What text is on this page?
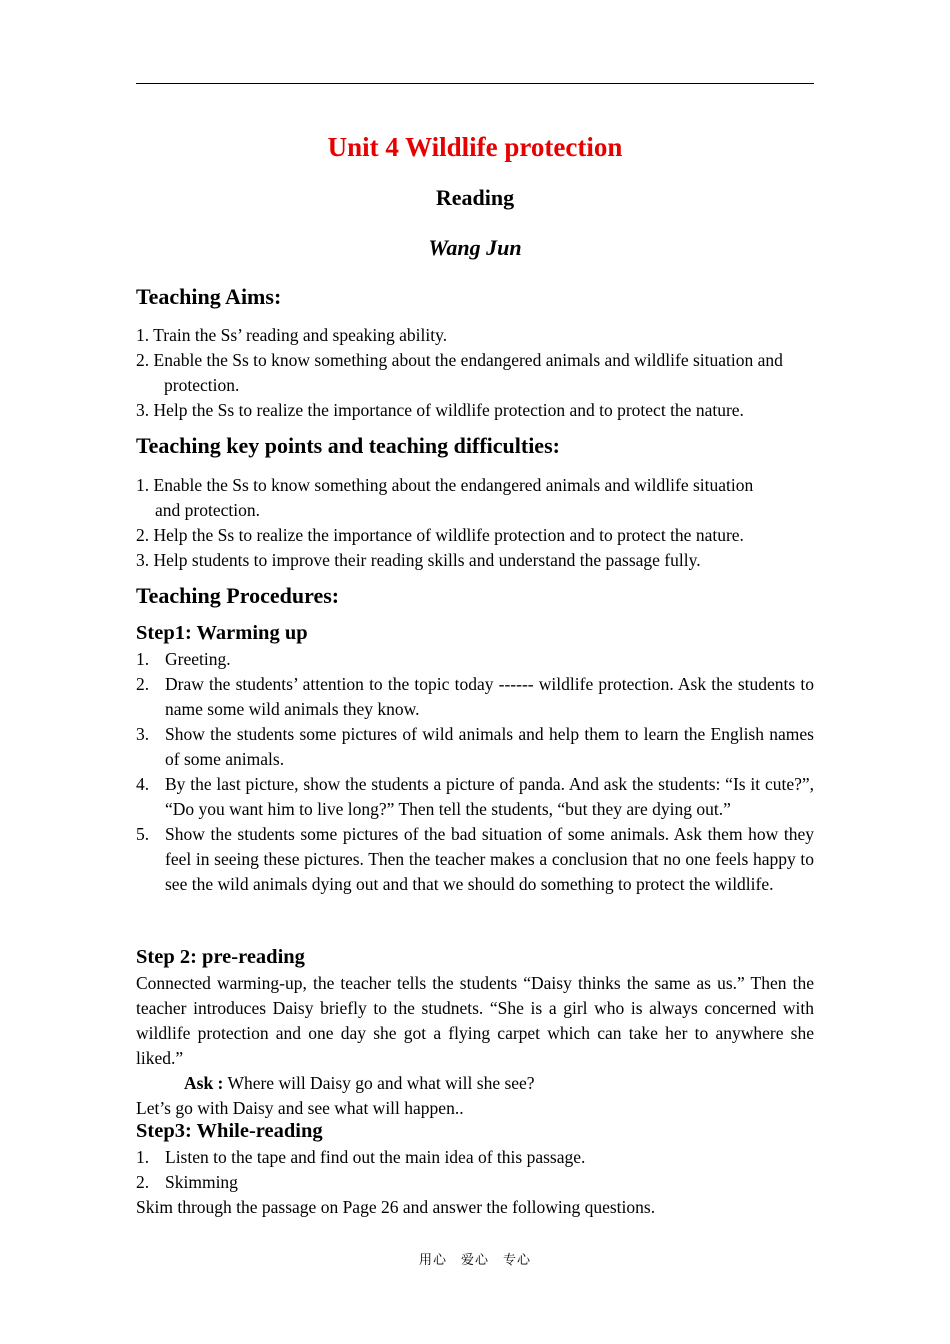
Unit 4 Wildlife protection
Reading
Wang Jun
Teaching Aims:
1. Train the Ss’ reading and speaking ability.
2. Enable the Ss to know something about the endangered animals and wildlife situation and protection.
3. Help the Ss to realize the importance of wildlife protection and to protect the nature.
Teaching key points and teaching difficulties:
1. Enable the Ss to know something about the endangered animals and wildlife situation and protection.
2. Help the Ss to realize the importance of wildlife protection and to protect the nature.
3. Help students to improve their reading skills and understand the passage fully.
Teaching Procedures:
Step1: Warming up
1. Greeting.
2. Draw the students’ attention to the topic today ------ wildlife protection. Ask the students to name some wild animals they know.
3. Show the students some pictures of wild animals and help them to learn the English names of some animals.
4. By the last picture, show the students a picture of panda. And ask the students: “Is it cute?”, “Do you want him to live long?” Then tell the students, “but they are dying out.”
5. Show the students some pictures of the bad situation of some animals. Ask them how they feel in seeing these pictures. Then the teacher makes a conclusion that no one feels happy to see the wild animals dying out and that we should do something to protect the wildlife.
Step 2: pre-reading
Connected warming-up, the teacher tells the students “Daisy thinks the same as us.” Then the teacher introduces Daisy briefly to the studnets. “She is a girl who is always concerned with wildlife protection and one day she got a flying carpet which can take her to anywhere she liked.”
Ask : Where will Daisy go and what will she see?
Let’s go with Daisy and see what will happen..
Step3: While-reading
1. Listen to the tape and find out the main idea of this passage.
2. Skimming
Skim through the passage on Page 26 and answer the following questions.
用心　爱心　专心
